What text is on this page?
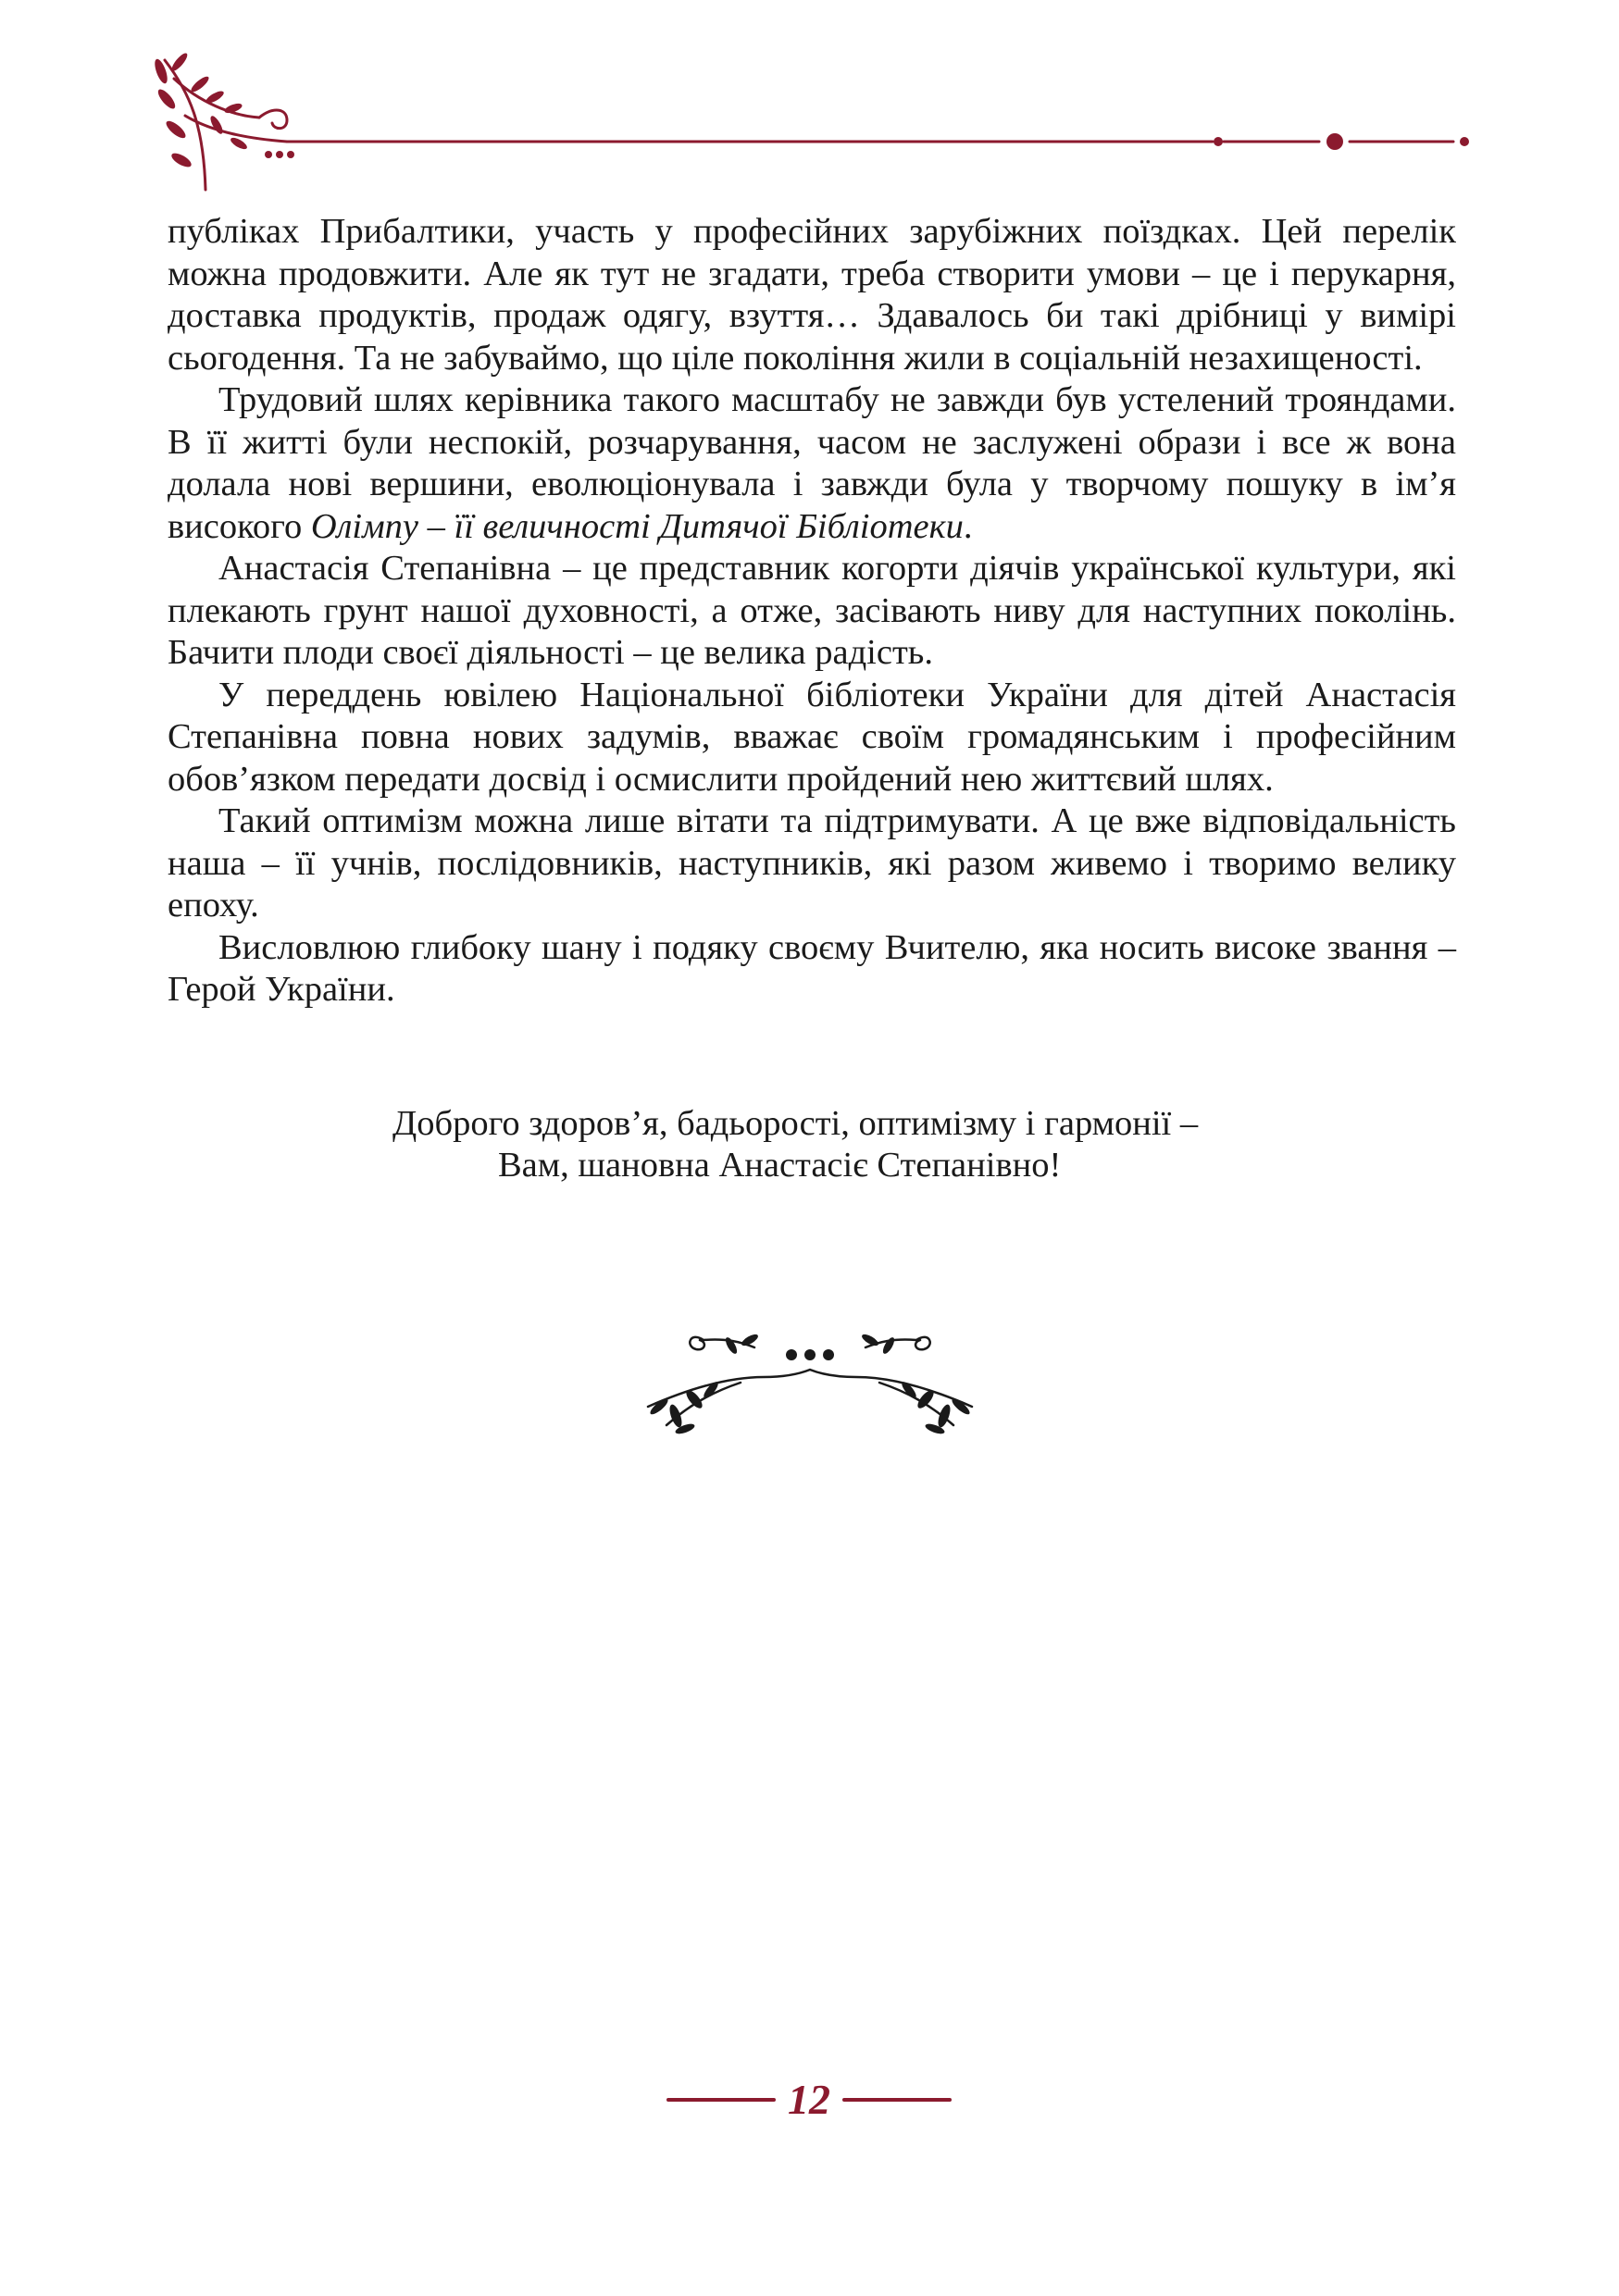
публіках Прибалтики, участь у професійних зарубіжних поїздках. Цей перелік можна продовжити. Але як тут не згадати, треба створити умови – це і перукарня, доставка продуктів, продаж одягу, взуття… Здавалось би такі дрібниці у вимірі сьогодення. Та не забуваймо, що ціле покоління жили в соціальній незахищеності.

Трудовий шлях керівника такого масштабу не завжди був устелений трояндами. В її житті були неспокій, розчарування, часом не заслужені образи і все ж вона долала нові вершини, еволюціонувала і завжди була у творчому пошуку в ім’я високого Олімпу – її величності Дитячої Бібліотеки.

Анастасія Степанівна – це представник когорти діячів української культури, які плекають грунт нашої духовності, а отже, засівають ниву для наступних поколінь. Бачити плоди своєї діяльності – це велика радість.

У переддень ювілею Національної бібліотеки України для дітей Анастасія Степанівна повна нових задумів, вважає своїм громадянським і професійним обов’язком передати досвід і осмислити пройдений нею життєвий шлях.

Такий оптимізм можна лише вітати та підтримувати. А це вже відповідальність наша – її учнів, послідовників, наступників, які разом живемо і творимо велику епоху.

Висловлюю глибоку шану і подяку своєму Вчителю, яка носить високе звання – Герой України.

Доброго здоров’я, бадьорості, оптимізму і гармонії –
Вам, шановна Анастасіє Степанівно!
12
